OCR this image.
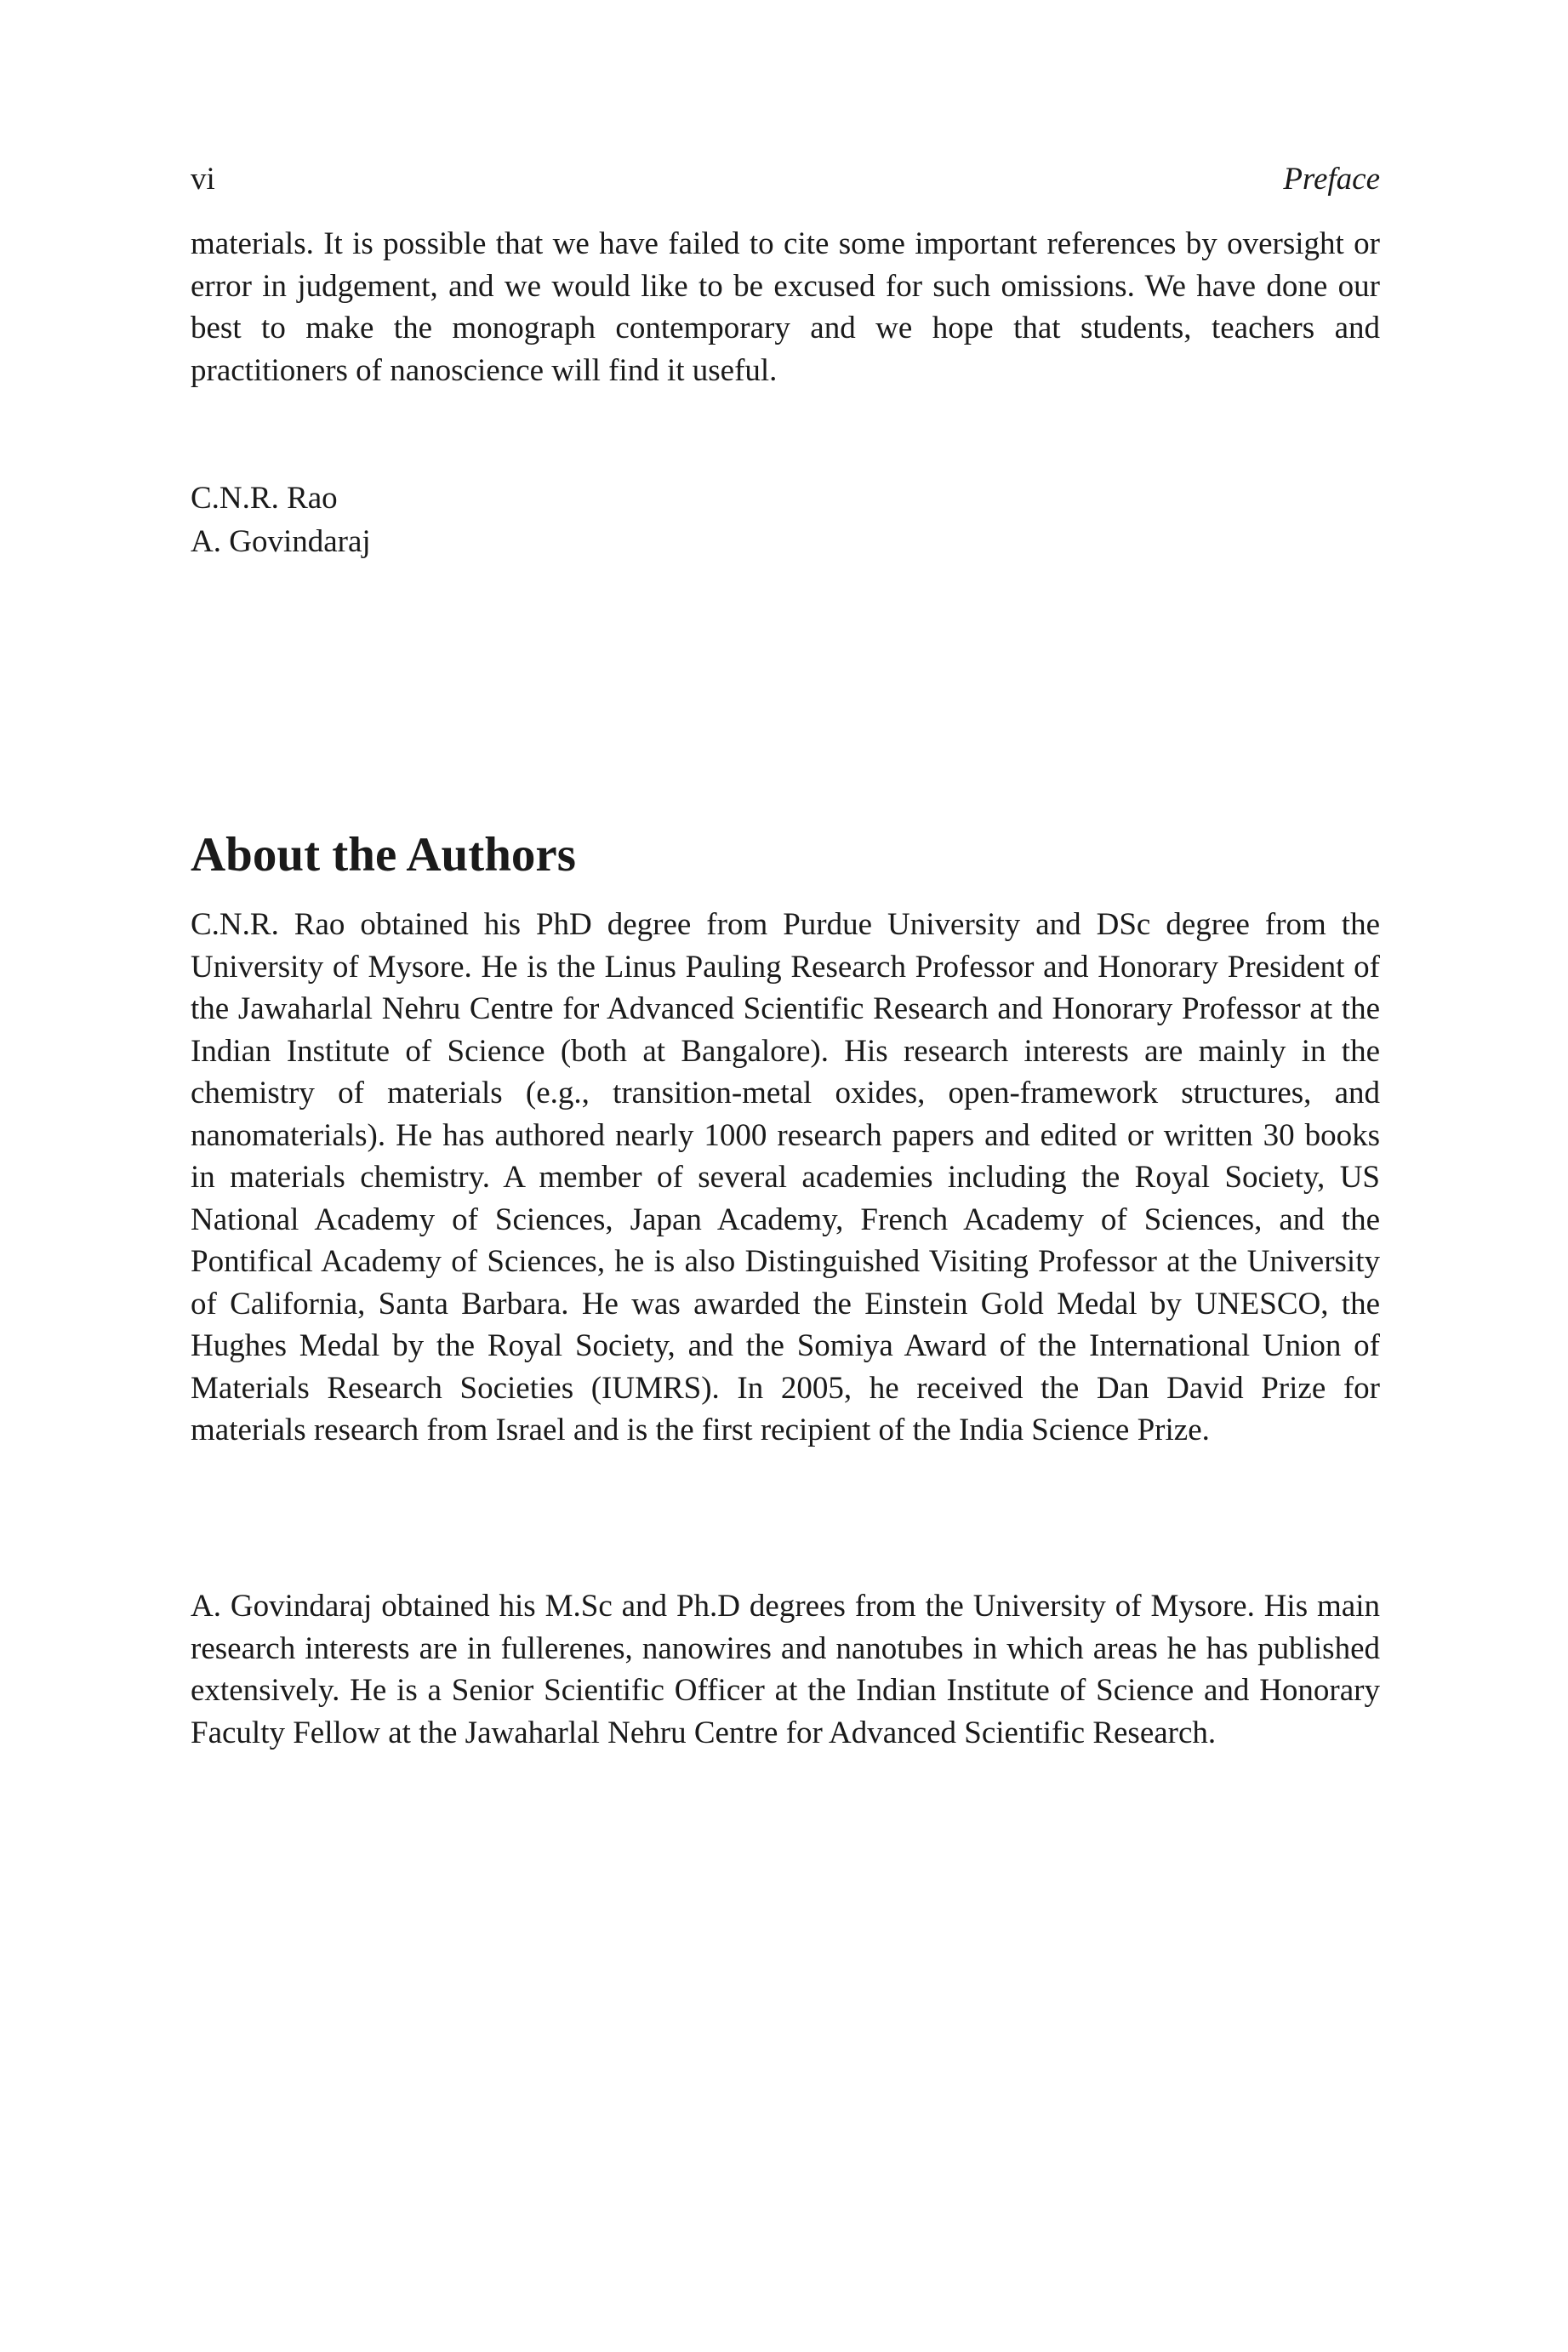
vi	Preface

materials. It is possible that we have failed to cite some important references by oversight or error in judgement, and we would like to be excused for such omissions. We have done our best to make the monograph contemporary and we hope that students, teachers and practitioners of nanoscience will find it useful.

C.N.R. Rao
A. Govindaraj
About the Authors

C.N.R. Rao obtained his PhD degree from Purdue University and DSc degree from the University of Mysore. He is the Linus Pauling Research Professor and Honorary President of the Jawaharlal Nehru Centre for Advanced Scientific Research and Honorary Professor at the Indian Institute of Science (both at Bangalore). His research interests are mainly in the chemistry of materials (e.g., transition-metal oxides, open-framework structures, and nanomaterials). He has authored nearly 1000 research papers and edited or written 30 books in materials chemistry. A member of several academies including the Royal Society, US National Academy of Sciences, Japan Academy, French Academy of Sciences, and the Pontifical Academy of Sciences, he is also Distinguished Visiting Professor at the University of California, Santa Barbara. He was awarded the Einstein Gold Medal by UNESCO, the Hughes Medal by the Royal Society, and the Somiya Award of the International Union of Materials Research Societies (IUMRS). In 2005, he received the Dan David Prize for materials research from Israel and is the first recipient of the India Science Prize.

A. Govindaraj obtained his M.Sc and Ph.D degrees from the University of Mysore. His main research interests are in fullerenes, nanowires and nanotubes in which areas he has published extensively. He is a Senior Scientific Officer at the Indian Institute of Science and Honorary Faculty Fellow at the Jawaharlal Nehru Centre for Advanced Scientific Research.
